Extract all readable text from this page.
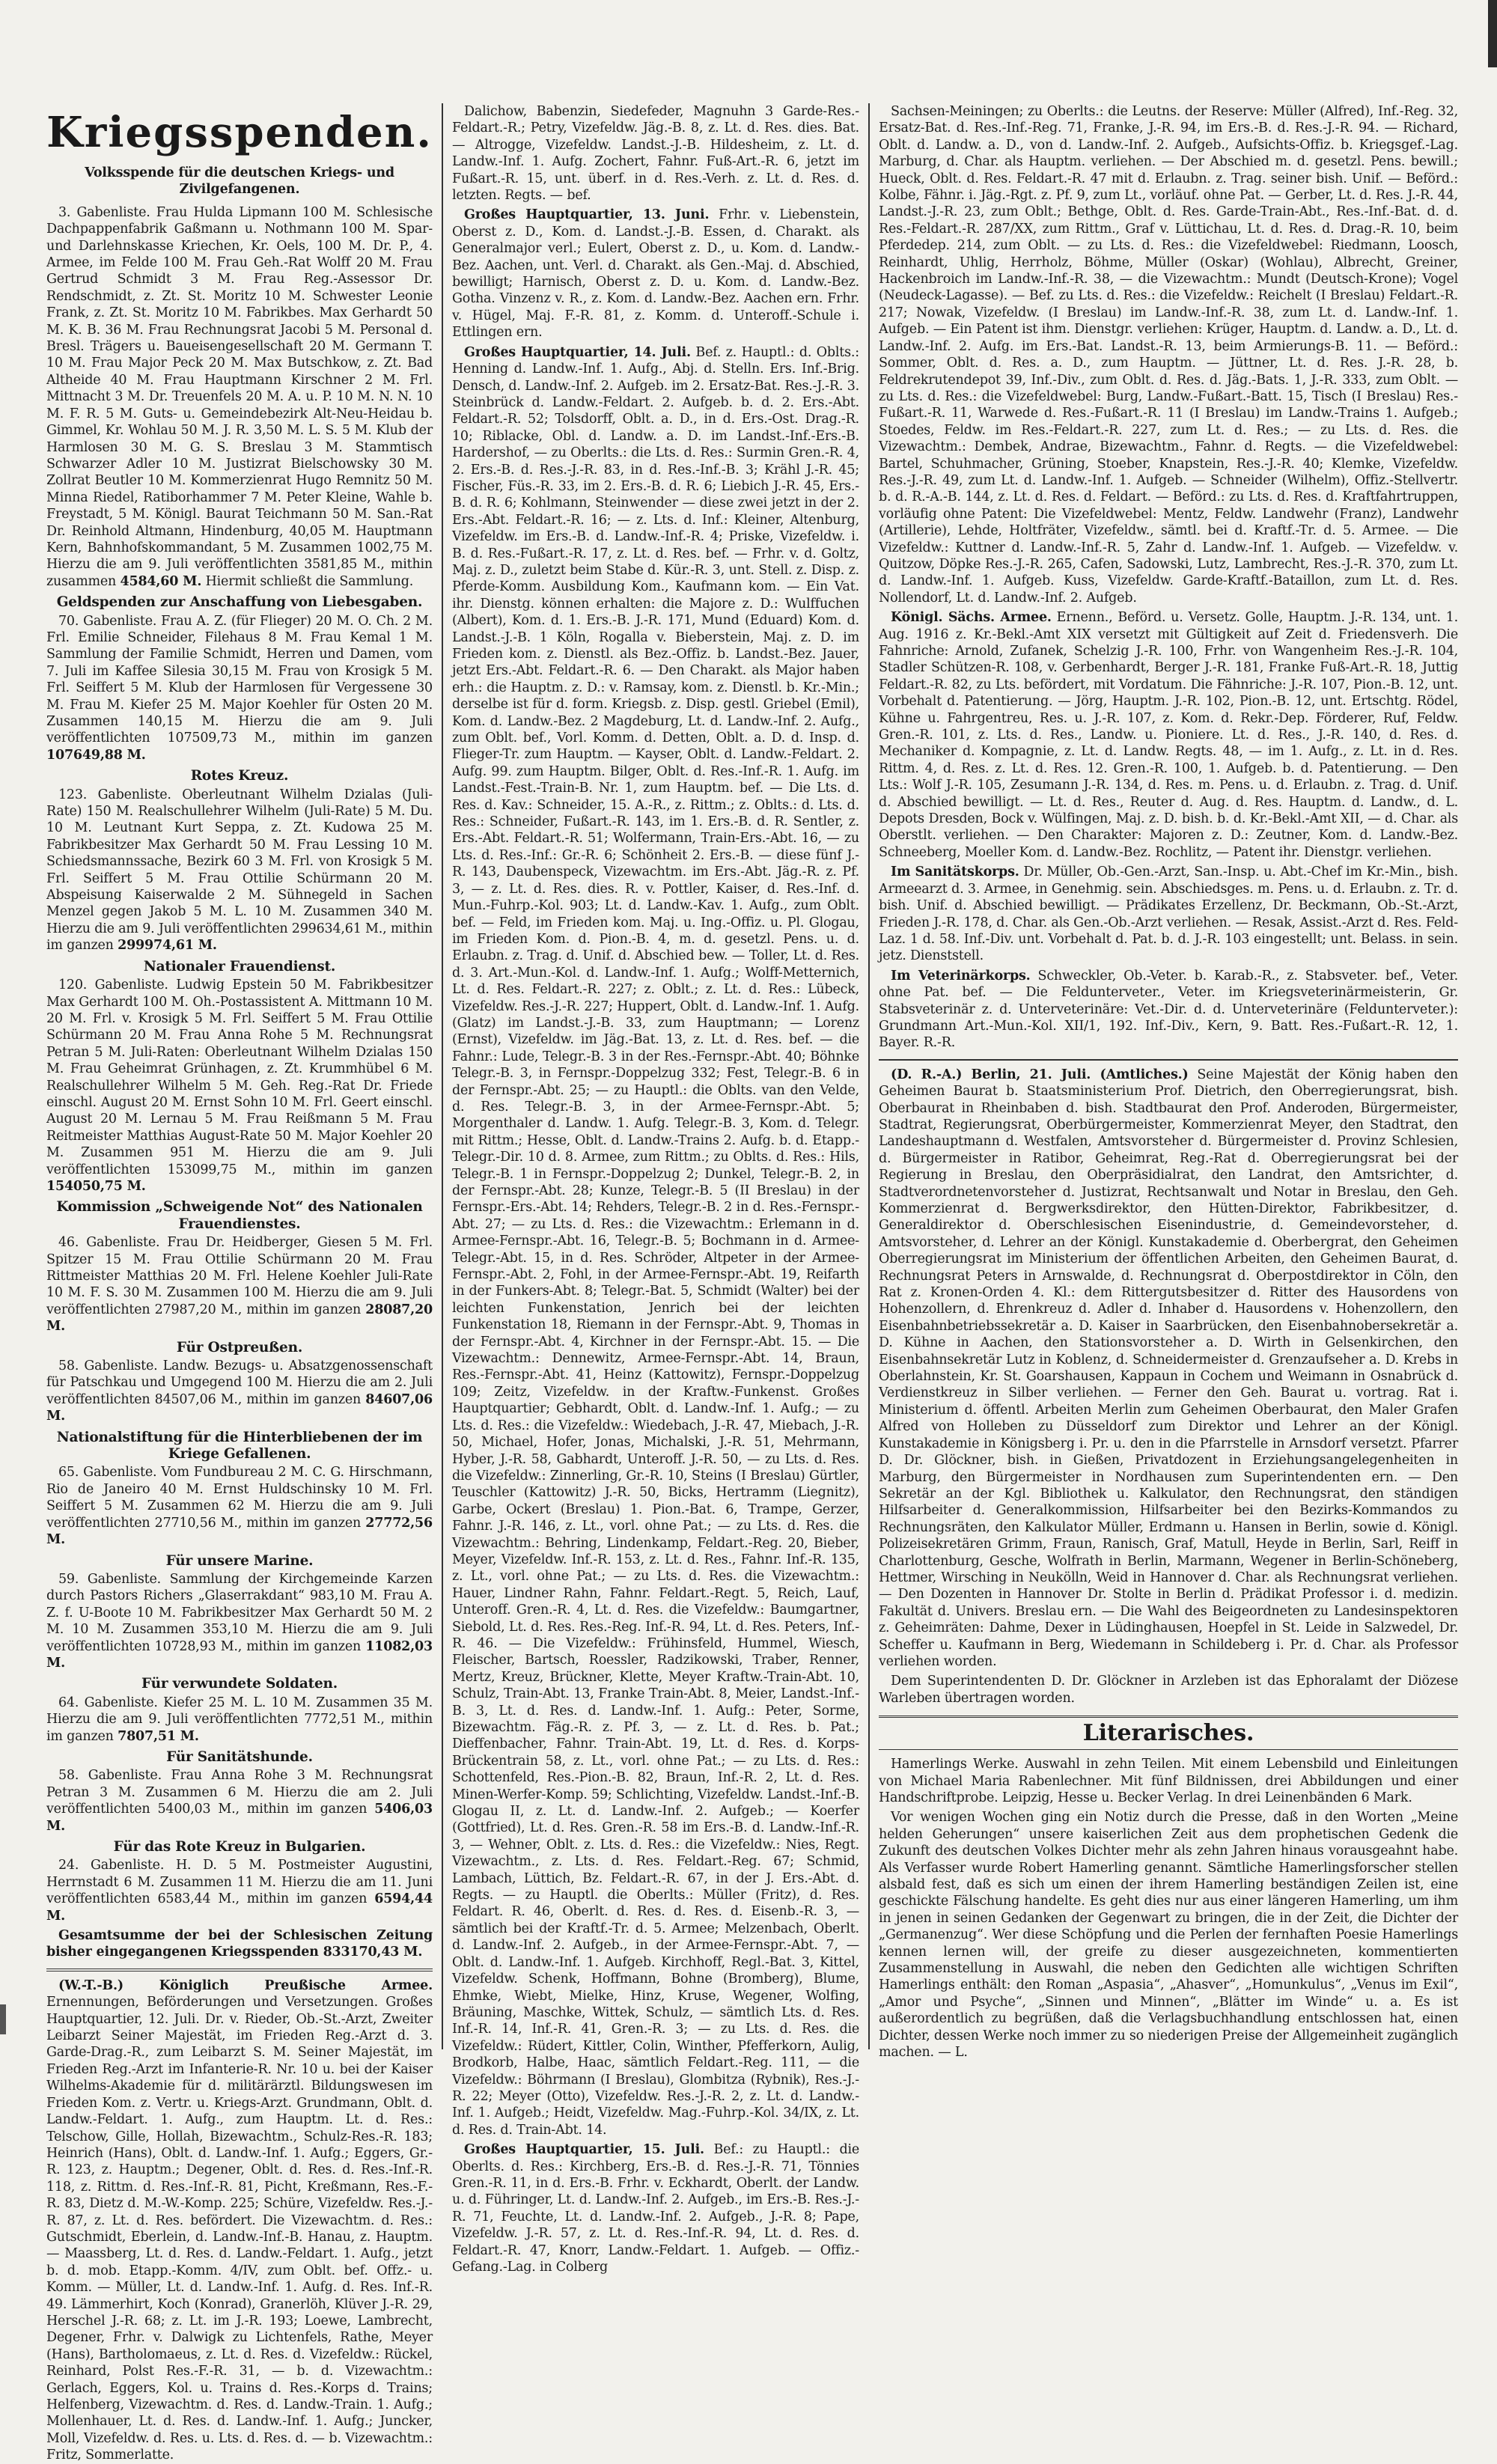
Kriegsspenden.
Volksspende für die deutschen Kriegs- und Zivilgefangenen.

3. Gabenliste. Frau Hulda Lipmann 100 M. Schlesische Dachpappenfabrik Gaßmann u. Nothmann 100 M. Spar- und Darlehnskasse Kriechen, Kr. Oels, 100 M. Dr. P., 4. Armee, im Felde 100 M. Frau Geh.-Rat Wolff 20 M. Frau Gertrud Schmidt 3 M. Frau Reg.-Assessor Dr. Rendschmidt, z. Zt. St. Moritz 10 M. Schwester Leonie Frank, z. Zt. St. Moritz 10 M. Fabrikbes. Max Gerhardt 50 M. K. B. 36 M. Frau Rechnungsrat Jacobi 5 M. Personal d. Bresl. Trägers u. Baueisengesellschaft 20 M. Germann T. 10 M. Frau Major Peck 20 M. Max Butschkow, z. Zt. Bad Altheide 40 M. Frau Hauptmann Kirschner 2 M. Frl. Mittnacht 3 M. Dr. Treuenfels 20 M. A. u. P. 10 M. N. N. 10 M. F. R. 5 M. Guts- u. Gemeindebezirk Alt-Neu-Heidau b. Gimmel, Kr. Wohlau 50 M. J. R. 3,50 M. L. S. 5 M. Klub der Harmlosen 30 M. G. S. Breslau 3 M. Stammtisch Schwarzer Adler 10 M. Justizrat Bielschowsky 30 M. Zollrat Beutler 10 M. Kommerzienrat Hugo Remnitz 50 M. Minna Riedel, Ratiborhammer 7 M. Peter Kleine, Wahle b. Freystadt, 5 M. Königl. Baurat Teichmann 50 M. San.-Rat Dr. Reinhold Altmann, Hindenburg, 40,05 M. Hauptmann Kern, Bahnhofskommandant, 5 M. Zusammen 1002,75 M. Hierzu die am 9. Juli veröffentlichten 3581,85 M., mithin zusammen 4584,60 M. Hiermit schließt die Sammlung.

Geldspenden zur Anschaffung von Liebesgaben.

70. Gabenliste. Frau A. Z. (für Flieger) 20 M. O. Ch. 2 M. Frl. Emilie Schneider, Filehaus 8 M. Frau Kemal 1 M. Sammlung der Familie Schmidt, Herren und Damen, vom 7. Juli im Kaffee Silesia 30,15 M. Frau von Krosigk 5 M. Frl. Seiffert 5 M. Klub der Harmlosen für Vergessene 30 M. Frau M. Kiefer 25 M. Major Koehler für Osten 20 M. Zusammen 140,15 M. Hierzu die am 9. Juli veröffentlichten 107509,73 M., mithin im ganzen 107649,88 M.

Rotes Kreuz.

123. Gabenliste. Oberleutnant Wilhelm Dzialas (Juli-Rate) 150 M. Realschullehrer Wilhelm (Juli-Rate) 5 M. Du. 10 M. Leutnant Kurt Seppa, z. Zt. Kudowa 25 M. Fabrikbesitzer Max Gerhardt 50 M. Frau Lessing 10 M. Schiedsmannssache, Bezirk 60 3 M. Frl. von Krosigk 5 M. Frl. Seiffert 5 M. Frau Ottilie Schürmann 20 M. Abspeisung Kaiserwalde 2 M. Sühnegeld in Sachen Menzel gegen Jakob 5 M. L. 10 M. Zusammen 340 M. Hierzu die am 9. Juli veröffentlichten 299634,61 M., mithin im ganzen 299974,61 M.

Nationaler Frauendienst.

120. Gabenliste. Ludwig Epstein 50 M. Fabrikbesitzer Max Gerhardt 100 M. Oh.-Postassistent A. Mittmann 10 M. 20 M. Frl. v. Krosigk 5 M. Frl. Seiffert 5 M. Frau Ottilie Schürmann 20 M. Frau Anna Rohe 5 M. Rechnungsrat Petran 5 M. Juli-Raten: Oberleutnant Wilhelm Dzialas 150 M. Frau Geheimrat Grünhagen, z. Zt. Krummhübel 6 M. Realschullehrer Wilhelm 5 M. Geh. Reg.-Rat Dr. Friede einschl. August 20 M. Ernst Sohn 10 M. Frl. Geert einschl. August 20 M. Lernau 5 M. Frau Reißmann 5 M. Frau Reitmeister Matthias August-Rate 50 M. Major Koehler 20 M. Zusammen 951 M. Hierzu die am 9. Juli veröffentlichten 153099,75 M., mithin im ganzen 154050,75 M.

Kommission „Schweigende Not“ des Nationalen Frauendienstes.

46. Gabenliste. Frau Dr. Heidberger, Giesen 5 M. Frl. Spitzer 15 M. Frau Ottilie Schürmann 20 M. Frau Rittmeister Matthias 20 M. Frl. Helene Koehler Juli-Rate 10 M. F. S. 30 M. Zusammen 100 M. Hierzu die am 9. Juli veröffentlichten 27987,20 M., mithin im ganzen 28087,20 M.

Für Ostpreußen.

58. Gabenliste. Landw. Bezugs- u. Absatzgenossenschaft für Patschkau und Umgegend 100 M. Hierzu die am 2. Juli veröffentlichten 84507,06 M., mithin im ganzen 84607,06 M.

Nationalstiftung für die Hinterbliebenen der im Kriege Gefallenen.

65. Gabenliste. Vom Fundbureau 2 M. C. G. Hirschmann, Rio de Janeiro 40 M. Ernst Huldschinsky 10 M. Frl. Seiffert 5 M. Zusammen 62 M. Hierzu die am 9. Juli veröffentlichten 27710,56 M., mithin im ganzen 27772,56 M.

Für unsere Marine.

59. Gabenliste. Sammlung der Kirchgemeinde Karzen durch Pastors Richers „Glaserrakdant“ 983,10 M. Frau A. Z. f. U-Boote 10 M. Fabrikbesitzer Max Gerhardt 50 M. 2 M. 10 M. Zusammen 353,10 M. Hierzu die am 9. Juli veröffentlichten 10728,93 M., mithin im ganzen 11082,03 M.

Für verwundete Soldaten.

64. Gabenliste. Kiefer 25 M. L. 10 M. Zusammen 35 M. Hierzu die am 9. Juli veröffentlichten 7772,51 M., mithin im ganzen 7807,51 M.

Für Sanitätshunde.

58. Gabenliste. Frau Anna Rohe 3 M. Rechnungsrat Petran 3 M. Zusammen 6 M. Hierzu die am 2. Juli veröffentlichten 5400,03 M., mithin im ganzen 5406,03 M.

Für das Rote Kreuz in Bulgarien.

24. Gabenliste. H. D. 5 M. Postmeister Augustini, Herrnstadt 6 M. Zusammen 11 M. Hierzu die am 11. Juni veröffentlichten 6583,44 M., mithin im ganzen 6594,44 M.

Gesamtsumme der bei der Schlesischen Zeitung bisher eingegangenen Kriegsspenden 833170,43 M.

(W.-T.-B.) Königlich Preußische Armee. Ernennungen, Beförderungen und Versetzungen. Großes Hauptquartier, 12. Juli. Dr. v. Rieder, Ob.-St.-Arzt, Zweiter Leibarzt Seiner Majestät, im Frieden Reg.-Arzt d. 3. Garde-Drag.-R., zum Leibarzt S. M. Seiner Majestät, im Frieden Reg.-Arzt im Infanterie-R. Nr. 10 u. bei der Kaiser Wilhelms-Akademie für d. militärärztl. Bildungswesen im Frieden Kom. z. Vertr. u. Kriegs-Arzt. Grundmann, Oblt. d. Landw.-Feldart. 1. Aufg., zum Hauptm. Lt. d. Res.: Telschow, Gille, Hollah, Bizewachtm., Schulz-Res.-R. 183; Heinrich (Hans), Oblt. d. Landw.-Inf. 1. Aufg.; Eggers, Gr.-R. 123, z. Hauptm.; Degener, Oblt. d. Res. d. Res.-Inf.-R. 118, z. Rittm. d. Res.-Inf.-R. 81, Picht, Kreßmann, Res.-F.-R. 83, Dietz d. M.-W.-Komp. 225; Schüre, Vizefeldw. Res.-J.-R. 87, z. Lt. d. Res. befördert. Die Vizewachtm. d. Res.: Gutschmidt, Eberlein, d. Landw.-Inf.-B. Hanau, z. Hauptm. — Maassberg, Lt. d. Res. d. Landw.-Feldart. 1. Aufg., jetzt b. d. mob. Etapp.-Komm. 4/IV, zum Oblt. bef. Offz.- u. Komm. — Müller, Lt. d. Landw.-Inf. 1. Aufg. d. Res. Inf.-R. 49. Lämmerhirt, Koch (Konrad), Granerlöh, Klüver J.-R. 29, Herschel J.-R. 68; z. Lt. im J.-R. 193; Loewe, Lambrecht, Degener, Frhr. v. Dalwigk zu Lichtenfels, Rathe, Meyer (Hans), Bartholomaeus, z. Lt. d. Res. d. Vizefeldw.: Rückel, Reinhard, Polst Res.-F.-R. 31, — b. d. Vizewachtm.: Gerlach, Eggers, Kol. u. Trains d. Res.-Korps d. Trains; Helfenberg, Vizewachtm. d. Res. d. Landw.-Train. 1. Aufg.; Mollenhauer, Lt. d. Res. d. Landw.-Inf. 1. Aufg.; Juncker, Moll, Vizefeldw. d. Res. u. Lts. d. Res. d. — b. Vizewachtm.: Fritz, Sommerlatte.

Dalichow, Babenzin, Siedefeder, Magnuhn 3 Garde-Res.-Feldart.-R.; Petry, Vizefeldw. Jäg.-B. 8, z. Lt. d. Res. dies. Bat. — Altrogge, Vizefeldw. Landst.-J.-B. Hildesheim, z. Lt. d. Landw.-Inf. 1. Aufg. Zochert, Fahnr. Fuß-Art.-R. 6, jetzt im Fußart.-R. 15, unt. überf. in d. Res.-Verh. z. Lt. d. Res. d. letzten. Regts. — bef.

Großes Hauptquartier, 13. Juni. Frhr. v. Liebenstein, Oberst z. D., Kom. d. Landst.-J.-B. Essen, d. Charakt. als Generalmajor verl.; Eulert, Oberst z. D., u. Kom. d. Landw.-Bez. Aachen, unt. Verl. d. Charakt. als Gen.-Maj. d. Abschied, bewilligt; Harnisch, Oberst z. D. u. Kom. d. Landw.-Bez. Gotha. Vinzenz v. R., z. Kom. d. Landw.-Bez. Aachen ern. Frhr. v. Hügel, Maj. F.-R. 81, z. Komm. d. Unteroff.-Schule i. Ettlingen ern.

Großes Hauptquartier, 14. Juli. Bef. z. Hauptl.: d. Oblts.: Henning d. Landw.-Inf. 1. Aufg., Abj. d. Stelln. Ers. Inf.-Brig. Densch, d. Landw.-Inf. 2. Aufgeb. im 2. Ersatz-Bat. Res.-J.-R. 3. Steinbrück d. Landw.-Feldart. 2. Aufgeb. b. d. 2. Ers.-Abt. Feldart.-R. 52; Tolsdorff, Oblt. a. D., in d. Ers.-Ost. Drag.-R. 10; Riblacke, Obl. d. Landw. a. D. im Landst.-Inf.-Ers.-B. Hardershof, — zu Oberlts.: die Lts. d. Res.: Surmin Gren.-R. 4, 2. Ers.-B. d. Res.-J.-R. 83, in d. Res.-Inf.-B. 3; Krähl J.-R. 45; Fischer, Füs.-R. 33, im 2. Ers.-B. d. R. 6; Liebich J.-R. 45, Ers.-B. d. R. 6; Kohlmann, Steinwender — diese zwei jetzt in der 2. Ers.-Abt. Feldart.-R. 16; — z. Lts. d. Inf.: Kleiner, Altenburg, Vizefeldw. im Ers.-B. d. Landw.-Inf.-R. 4; Priske, Vizefeldw. i. B. d. Res.-Fußart.-R. 17, z. Lt. d. Res. bef. — Frhr. v. d. Goltz, Maj. z. D., zuletzt beim Stabe d. Kür.-R. 3, unt. Stell. z. Disp. z. Pferde-Komm. Ausbildung Kom., Kaufmann kom. — Ein Vat. ihr. Dienstg. können erhalten: die Majore z. D.: Wulffuchen (Albert), Kom. d. 1. Ers.-B. J.-R. 171, Mund (Eduard) Kom. d. Landst.-J.-B. 1 Köln, Rogalla v. Bieberstein, Maj. z. D. im Frieden kom. z. Dienstl. als Bez.-Offiz. b. Landst.-Bez. Jauer, jetzt Ers.-Abt. Feldart.-R. 6. — Den Charakt. als Major haben erh.: die Hauptm. z. D.: v. Ramsay, kom. z. Dienstl. b. Kr.-Min.; derselbe ist für d. form. Kriegsb. z. Disp. gestl. Griebel (Emil), Kom. d. Landw.-Bez. 2 Magdeburg, Lt. d. Landw.-Inf. 2. Aufg., zum Oblt. bef., Vorl. Komm. d. Detten, Oblt. a. D. d. Insp. d. Flieger-Tr. zum Hauptm. — Kayser, Oblt. d. Landw.-Feldart. 2. Aufg. 99. zum Hauptm. Bilger, Oblt. d. Res.-Inf.-R. 1. Aufg. im Landst.-Fest.-Train-B. Nr. 1, zum Hauptm. bef. — Die Lts. d. Res. d. Kav.: Schneider, 15. A.-R., z. Rittm.; z. Oblts.: d. Lts. d. Res.: Schneider, Fußart.-R. 143, im 1. Ers.-B. d. R. Sentler, z. Ers.-Abt. Feldart.-R. 51; Wolfermann, Train-Ers.-Abt. 16, — zu Lts. d. Res.-Inf.: Gr.-R. 6; Schönheit 2. Ers.-B. — diese fünf J.-R. 143, Daubenspeck, Vizewachtm. im Ers.-Abt. Jäg.-R. z. Pf. 3, — z. Lt. d. Res. dies. R. v. Pottler, Kaiser, d. Res.-Inf. d. Mun.-Fuhrp.-Kol. 903; Lt. d. Landw.-Kav. 1. Aufg., zum Oblt. bef. — Feld, im Frieden kom. Maj. u. Ing.-Offiz. u. Pl. Glogau, im Frieden Kom. d. Pion.-B. 4, m. d. gesetzl. Pens. u. d. Erlaubn. z. Trag. d. Unif. d. Abschied bew. — Toller, Lt. d. Res. d. 3. Art.-Mun.-Kol. d. Landw.-Inf. 1. Aufg.; Wolff-Metternich, Lt. d. Res. Feldart.-R. 227; z. Oblt.; z. Lt. d. Res.: Lübeck, Vizefeldw. Res.-J.-R. 227; Huppert, Oblt. d. Landw.-Inf. 1. Aufg. (Glatz) im Landst.-J.-B. 33, zum Hauptmann; — Lorenz (Ernst), Vizefeldw. im Jäg.-Bat. 13, z. Lt. d. Res. bef. — die Fahnr.: Lude, Telegr.-B. 3 in der Res.-Fernspr.-Abt. 40; Böhnke Telegr.-B. 3, in Fernspr.-Doppelzug 332; Fest, Telegr.-B. 6 in der Fernspr.-Abt. 25; — zu Hauptl.: die Oblts. van den Velde, d. Res. Telegr.-B. 3, in der Armee-Fernspr.-Abt. 5; Morgenthaler d. Landw. 1. Aufg. Telegr.-B. 3, Kom. d. Telegr. mit Rittm.; Hesse, Oblt. d. Landw.-Trains 2. Aufg. b. d. Etapp.-Telegr.-Dir. 10 d. 8. Armee, zum Rittm.; zu Oblts. d. Res.: Hils, Telegr.-B. 1 in Fernspr.-Doppelzug 2; Dunkel, Telegr.-B. 2, in der Fernspr.-Abt. 28; Kunze, Telegr.-B. 5 (II Breslau) in der Fernspr.-Ers.-Abt. 14; Rehders, Telegr.-B. 2 in d. Res.-Fernspr.-Abt. 27; — zu Lts. d. Res.: die Vizewachtm.: Erlemann in d. Armee-Fernspr.-Abt. 16, Telegr.-B. 5; Bochmann in d. Armee-Telegr.-Abt. 15, in d. Res. Schröder, Altpeter in der Armee-Fernspr.-Abt. 2, Fohl, in der Armee-Fernspr.-Abt. 19, Reifarth in der Funkers-Abt. 8; Telegr.-Bat. 5, Schmidt (Walter) bei der leichten Funkenstation, Jenrich bei der leichten Funkenstation 18, Riemann in der Fernspr.-Abt. 9, Thomas in der Fernspr.-Abt. 4, Kirchner in der Fernspr.-Abt. 15. — Die Vizewachtm.: Dennewitz, Armee-Fernspr.-Abt. 14, Braun, Res.-Fernspr.-Abt. 41, Heinz (Kattowitz), Fernspr.-Doppelzug 109; Zeitz, Vizefeldw. in der Kraftw.-Funkenst. Großes Hauptquartier; Gebhardt, Oblt. d. Landw.-Inf. 1. Aufg.; — zu Lts. d. Res.: die Vizefeldw.: Wiedebach, J.-R. 47, Miebach, J.-R. 50, Michael, Hofer, Jonas, Michalski, J.-R. 51, Mehrmann, Hyber, J.-R. 58, Gabhardt, Unteroff. J.-R. 50, — zu Lts. d. Res. die Vizefeldw.: Zinnerling, Gr.-R. 10, Steins (I Breslau) Gürtler, Teuschler (Kattowitz) J.-R. 50, Bicks, Hertramm (Liegnitz), Garbe, Ockert (Breslau) 1. Pion.-Bat. 6, Trampe, Gerzer, Fahnr. J.-R. 146, z. Lt., vorl. ohne Pat.; — zu Lts. d. Res. die Vizewachtm.: Behring, Lindenkamp, Feldart.-Reg. 20, Bieber, Meyer, Vizefeldw. Inf.-R. 153, z. Lt. d. Res., Fahnr. Inf.-R. 135, z. Lt., vorl. ohne Pat.; — zu Lts. d. Res. die Vizewachtm.: Hauer, Lindner Rahn, Fahnr. Feldart.-Regt. 5, Reich, Lauf, Unteroff. Gren.-R. 4, Lt. d. Res. die Vizefeldw.: Baumgartner, Siebold, Lt. d. Res. Res.-Reg. Inf.-R. 94, Lt. d. Res. Peters, Inf.-R. 46. — Die Vizefeldw.: Frühinsfeld, Hummel, Wiesch, Fleischer, Bartsch, Roessler, Radzikowski, Traber, Renner, Mertz, Kreuz, Brückner, Klette, Meyer Kraftw.-Train-Abt. 10, Schulz, Train-Abt. 13, Franke Train-Abt. 8, Meier, Landst.-Inf.-B. 3, Lt. d. Res. d. Landw.-Inf. 1. Aufg.: Peter, Sorme, Bizewachtm. Fäg.-R. z. Pf. 3, — z. Lt. d. Res. b. Pat.; Dieffenbacher, Fahnr. Train-Abt. 19, Lt. d. Res. d. Korps-Brückentrain 58, z. Lt., vorl. ohne Pat.; — zu Lts. d. Res.: Schottenfeld, Res.-Pion.-B. 82, Braun, Inf.-R. 2, Lt. d. Res. Minen-Werfer-Komp. 59; Schlichting, Vizefeldw. Landst.-Inf.-B. Glogau II, z. Lt. d. Landw.-Inf. 2. Aufgeb.; — Koerfer (Gottfried), Lt. d. Res. Gren.-R. 58 im Ers.-B. d. Landw.-Inf.-R. 3, — Wehner, Oblt. z. Lts. d. Res.: die Vizefeldw.: Nies, Regt. Vizewachtm., z. Lts. d. Res. Feldart.-Reg. 67; Schmid, Lambach, Lüttich, Bz. Feldart.-R. 67, in der J. Ers.-Abt. d. Regts. — zu Hauptl. die Oberlts.: Müller (Fritz), d. Res. Feldart. R. 46, Oberlt. d. Res. d. Res. d. Eisenb.-R. 3, — sämtlich bei der Kraftf.-Tr. d. 5. Armee; Melzenbach, Oberlt. d. Landw.-Inf. 2. Aufgeb., in der Armee-Fernspr.-Abt. 7, — Oblt. d. Landw.-Inf. 1. Aufgeb. Kirchhoff, Regl.-Bat. 3, Kittel, Vizefeldw. Schenk, Hoffmann, Bohne (Bromberg), Blume, Ehmke, Wiebt, Mielke, Hinz, Kruse, Wegener, Wolfing, Bräuning, Maschke, Wittek, Schulz, — sämtlich Lts. d. Res. Inf.-R. 14, Inf.-R. 41, Gren.-R. 3; — zu Lts. d. Res. die Vizefeldw.: Rüdert, Kittler, Colin, Winther, Pfefferkorn, Aulig, Brodkorb, Halbe, Haac, sämtlich Feldart.-Reg. 111, — die Vizefeldw.: Böhrmann (I Breslau), Glombitza (Rybnik), Res.-J.-R. 22; Meyer (Otto), Vizefeldw. Res.-J.-R. 2, z. Lt. d. Landw.-Inf. 1. Aufgeb.; Heidt, Vizefeldw. Mag.-Fuhrp.-Kol. 34/IX, z. Lt. d. Res. d. Train-Abt. 14.

Großes Hauptquartier, 15. Juli. Bef.: zu Hauptl.: die Oberlts. d. Res.: Kirchberg, Ers.-B. d. Res.-J.-R. 71, Tönnies Gren.-R. 11, in d. Ers.-B. Frhr. v. Eckhardt, Oberlt. der Landw. u. d. Führinger, Lt. d. Landw.-Inf. 2. Aufgeb., im Ers.-B. Res.-J.-R. 71, Feuchte, Lt. d. Landw.-Inf. 2. Aufgeb., J.-R. 8; Pape, Vizefeldw. J.-R. 57, z. Lt. d. Res.-Inf.-R. 94, Lt. d. Res. d. Feldart.-R. 47, Knorr, Landw.-Feldart. 1. Aufgeb. — Offiz.-Gefang.-Lag. in Colberg

Sachsen-Meiningen; zu Oberlts.: die Leutns. der Reserve: Müller (Alfred), Inf.-Reg. 32, Ersatz-Bat. d. Res.-Inf.-Reg. 71, Franke, J.-R. 94, im Ers.-B. d. Res.-J.-R. 94. — Richard, Oblt. d. Landw. a. D., von d. Landw.-Inf. 2. Aufgeb., Aufsichts-Offiz. b. Kriegsgef.-Lag. Marburg, d. Char. als Hauptm. verliehen. — Der Abschied m. d. gesetzl. Pens. bewill.; Hueck, Oblt. d. Res. Feldart.-R. 47 mit d. Erlaubn. z. Trag. seiner bish. Unif. — Beförd.: Kolbe, Fähnr. i. Jäg.-Rgt. z. Pf. 9, zum Lt., vorläuf. ohne Pat. — Gerber, Lt. d. Res. J.-R. 44, Landst.-J.-R. 23, zum Oblt.; Bethge, Oblt. d. Res. Garde-Train-Abt., Res.-Inf.-Bat. d. d. Res.-Feldart.-R. 287/XX, zum Rittm., Graf v. Lüttichau, Lt. d. Res. d. Drag.-R. 10, beim Pferdedep. 214, zum Oblt. — zu Lts. d. Res.: die Vizefeldwebel: Riedmann, Loosch, Reinhardt, Uhlig, Herrholz, Böhme, Müller (Oskar) (Wohlau), Albrecht, Greiner, Hackenbroich im Landw.-Inf.-R. 38, — die Vizewachtm.: Mundt (Deutsch-Krone); Vogel (Neudeck-Lagasse). — Bef. zu Lts. d. Res.: die Vizefeldw.: Reichelt (I Breslau) Feldart.-R. 217; Nowak, Vizefeldw. (I Breslau) im Landw.-Inf.-R. 38, zum Lt. d. Landw.-Inf. 1. Aufgeb. — Ein Patent ist ihm. Dienstgr. verliehen: Krüger, Hauptm. d. Landw. a. D., Lt. d. Landw.-Inf. 2. Aufg. im Ers.-Bat. Landst.-R. 13, beim Armierungs-B. 11. — Beförd.: Sommer, Oblt. d. Res. a. D., zum Hauptm. — Jüttner, Lt. d. Res. J.-R. 28, b. Feldrekrutendepot 39, Inf.-Div., zum Oblt. d. Res. d. Jäg.-Bats. 1, J.-R. 333, zum Oblt. — zu Lts. d. Res.: die Vizefeldwebel: Burg, Landw.-Fußart.-Batt. 15, Tisch (I Breslau) Res.-Fußart.-R. 11, Warwede d. Res.-Fußart.-R. 11 (I Breslau) im Landw.-Trains 1. Aufgeb.; Stoedes, Feldw. im Res.-Feldart.-R. 227, zum Lt. d. Res.; — zu Lts. d. Res. die Vizewachtm.: Dembek, Andrae, Bizewachtm., Fahnr. d. Regts. — die Vizefeldwebel: Bartel, Schuhmacher, Grüning, Stoeber, Knapstein, Res.-J.-R. 40; Klemke, Vizefeldw. Res.-J.-R. 49, zum Lt. d. Landw.-Inf. 1. Aufgeb. — Schneider (Wilhelm), Offiz.-Stellvertr. b. d. R.-A.-B. 144, z. Lt. d. Res. d. Feldart. — Beförd.: zu Lts. d. Res. d. Kraftfahrtruppen, vorläufig ohne Patent: Die Vizefeldwebel: Mentz, Feldw. Landwehr (Franz), Landwehr (Artillerie), Lehde, Holtfräter, Vizefeldw., sämtl. bei d. Kraftf.-Tr. d. 5. Armee. — Die Vizefeldw.: Kuttner d. Landw.-Inf.-R. 5, Zahr d. Landw.-Inf. 1. Aufgeb. — Vizefeldw. v. Quitzow, Döpke Res.-J.-R. 265, Cafen, Sadowski, Lutz, Lambrecht, Res.-J.-R. 370, zum Lt. d. Landw.-Inf. 1. Aufgeb. Kuss, Vizefeldw. Garde-Kraftf.-Bataillon, zum Lt. d. Res. Nollendorf, Lt. d. Landw.-Inf. 2. Aufgeb.

Königl. Sächs. Armee. Ernenn., Beförd. u. Versetz. Golle, Hauptm. J.-R. 134, unt. 1. Aug. 1916 z. Kr.-Bekl.-Amt XIX versetzt mit Gültigkeit auf Zeit d. Friedensverh. Die Fahnriche: Arnold, Zufanek, Schelzig J.-R. 100, Frhr. von Wangenheim Res.-J.-R. 104, Stadler Schützen-R. 108, v. Gerbenhardt, Berger J.-R. 181, Franke Fuß-Art.-R. 18, Juttig Feldart.-R. 82, zu Lts. befördert, mit Vordatum. Die Fähnriche: J.-R. 107, Pion.-B. 12, unt. Vorbehalt d. Patentierung. — Jörg, Hauptm. J.-R. 102, Pion.-B. 12, unt. Ertschtg. Rödel, Kühne u. Fahrgentreu, Res. u. J.-R. 107, z. Kom. d. Rekr.-Dep. Förderer, Ruf, Feldw. Gren.-R. 101, z. Lts. d. Res., Landw. u. Pioniere. Lt. d. Res., J.-R. 140, d. Res. d. Mechaniker d. Kompagnie, z. Lt. d. Landw. Regts. 48, — im 1. Aufg., z. Lt. in d. Res. Rittm. 4, d. Res. z. Lt. d. Res. 12. Gren.-R. 100, 1. Aufgeb. b. d. Patentierung. — Den Lts.: Wolf J.-R. 105, Zesumann J.-R. 134, d. Res. m. Pens. u. d. Erlaubn. z. Trag. d. Unif. d. Abschied bewilligt. — Lt. d. Res., Reuter d. Aug. d. Res. Hauptm. d. Landw., d. L. Depots Dresden, Bock v. Wülfingen, Maj. z. D. bish. b. d. Kr.-Bekl.-Amt XII, — d. Char. als Oberstlt. verliehen. — Den Charakter: Majoren z. D.: Zeutner, Kom. d. Landw.-Bez. Schneeberg, Moeller Kom. d. Landw.-Bez. Rochlitz, — Patent ihr. Dienstgr. verliehen.

Im Sanitätskorps. Dr. Müller, Ob.-Gen.-Arzt, San.-Insp. u. Abt.-Chef im Kr.-Min., bish. Armeearzt d. 3. Armee, in Genehmig. sein. Abschiedsges. m. Pens. u. d. Erlaubn. z. Tr. d. bish. Unif. d. Abschied bewilligt. — Prädikates Erzellenz, Dr. Beckmann, Ob.-St.-Arzt, Frieden J.-R. 178, d. Char. als Gen.-Ob.-Arzt verliehen. — Resak, Assist.-Arzt d. Res. Feld-Laz. 1 d. 58. Inf.-Div. unt. Vorbehalt d. Pat. b. d. J.-R. 103 eingestellt; unt. Belass. in sein. jetz. Dienststell.

Im Veterinärkorps. Schweckler, Ob.-Veter. b. Karab.-R., z. Stabsveter. bef., Veter. ohne Pat. bef. — Die Feldunterveter., Veter. im Kriegsveterinärmeisterin, Gr. Stabsveterinär z. d. Unterveterinäre: Vet.-Dir. d. d. Unterveterinäre (Feldunterveter.): Grundmann Art.-Mun.-Kol. XII/1, 192. Inf.-Div., Kern, 9. Batt. Res.-Fußart.-R. 12, 1. Bayer. R.-R.

(D. R.-A.) Berlin, 21. Juli. (Amtliches.) Seine Majestät der König haben den Geheimen Baurat b. Staatsministerium Prof. Dietrich, den Oberregierungsrat, bish. Oberbaurat in Rheinbaben d. bish. Stadtbaurat den Prof. Anderoden, Bürgermeister, Stadtrat, Regierungsrat, Oberbürgermeister, Kommerzienrat Meyer, den Stadtrat, den Landeshauptmann d. Westfalen, Amtsvorsteher d. Bürgermeister d. Provinz Schlesien, d. Bürgermeister in Ratibor, Geheimrat, Reg.-Rat d. Oberregierungsrat bei der Regierung in Breslau, den Oberpräsidialrat, den Landrat, den Amtsrichter, d. Stadtverordnetenvorsteher d. Justizrat, Rechtsanwalt und Notar in Breslau, den Geh. Kommerzienrat d. Bergwerksdirektor, den Hütten-Direktor, Fabrikbesitzer, d. Generaldirektor d. Oberschlesischen Eisenindustrie, d. Gemeindevorsteher, d. Amtsvorsteher, d. Lehrer an der Königl. Kunstakademie d. Oberbergrat, den Geheimen Oberregierungsrat im Ministerium der öffentlichen Arbeiten, den Geheimen Baurat, d. Rechnungsrat Peters in Arnswalde, d. Rechnungsrat d. Oberpostdirektor in Cöln, den Rat z. Kronen-Orden 4. Kl.: dem Rittergutsbesitzer d. Ritter des Hausordens von Hohenzollern, d. Ehrenkreuz d. Adler d. Inhaber d. Hausordens v. Hohenzollern, den Eisenbahnbetriebssekretär a. D. Kaiser in Saarbrücken, den Eisenbahnobersekretär a. D. Kühne in Aachen, den Stationsvorsteher a. D. Wirth in Gelsenkirchen, den Eisenbahnsekretär Lutz in Koblenz, d. Schneidermeister d. Grenzaufseher a. D. Krebs in Oberlahnstein, Kr. St. Goarshausen, Kappaun in Cochem und Weimann in Osnabrück d. Verdienstkreuz in Silber verliehen. — Ferner den Geh. Baurat u. vortrag. Rat i. Ministerium d. öffentl. Arbeiten Merlin zum Geheimen Oberbaurat, den Maler Grafen Alfred von Holleben zu Düsseldorf zum Direktor und Lehrer an der Königl. Kunstakademie in Königsberg i. Pr. u. den in die Pfarrstelle in Arnsdorf versetzt. Pfarrer D. Dr. Glöckner, bish. in Gießen, Privatdozent in Erziehungsangelegenheiten in Marburg, den Bürgermeister in Nordhausen zum Superintendenten ern. — Den Sekretär an der Kgl. Bibliothek u. Kalkulator, den Rechnungsrat, den ständigen Hilfsarbeiter d. Generalkommission, Hilfsarbeiter bei den Bezirks-Kommandos zu Rechnungsräten, den Kalkulator Müller, Erdmann u. Hansen in Berlin, sowie d. Königl. Polizeisekretären Grimm, Fraun, Ranisch, Graf, Matull, Heyde in Berlin, Sarl, Reiff in Charlottenburg, Gesche, Wolfrath in Berlin, Marmann, Wegener in Berlin-Schöneberg, Hettmer, Wirsching in Neukölln, Weid in Hannover d. Char. als Rechnungsrat verliehen. — Den Dozenten in Hannover Dr. Stolte in Berlin d. Prädikat Professor i. d. medizin. Fakultät d. Univers. Breslau ern. — Die Wahl des Beigeordneten zu Landesinspektoren z. Geheimräten: Dahme, Dexer in Lüdinghausen, Hoepfel in St. Leide in Salzwedel, Dr. Scheffer u. Kaufmann in Berg, Wiedemann in Schildeberg i. Pr. d. Char. als Professor verliehen worden.

Dem Superintendenten D. Dr. Glöckner in Arzleben ist das Ephoralamt der Diözese Warleben übertragen worden.

Literarisches.

Hamerlings Werke. Auswahl in zehn Teilen. Mit einem Lebensbild und Einleitungen von Michael Maria Rabenlechner. Mit fünf Bildnissen, drei Abbildungen und einer Handschriftprobe. Leipzig, Hesse u. Becker Verlag. In drei Leinenbänden 6 Mark.

Vor wenigen Wochen ging ein Notiz durch die Presse, daß in den Worten „Meine helden Geherungen“ unsere kaiserlichen Zeit aus dem prophetischen Gedenk die Zukunft des deutschen Volkes Dichter mehr als zehn Jahren hinaus vorausgeahnt habe. Als Verfasser wurde Robert Hamerling genannt. Sämtliche Hamerlingsforscher stellen alsbald fest, daß es sich um einen der ihrem Hamerling beständigen Zeilen ist, eine geschickte Fälschung handelte. Es geht dies nur aus einer längeren Hamerling, um ihm in jenen in seinen Gedanken der Gegenwart zu bringen, die in der Zeit, die Dichter der „Germanenzug“. Wer diese Schöpfung und die Perlen der fernhaften Poesie Hamerlings kennen lernen will, der greife zu dieser ausgezeichneten, kommentierten Zusammenstellung in Auswahl, die neben den Gedichten alle wichtigen Schriften Hamerlings enthält: den Roman „Aspasia“, „Ahasver“, „Homunkulus“, „Venus im Exil“, „Amor und Psyche“, „Sinnen und Minnen“, „Blätter im Winde“ u. a. Es ist außerordentlich zu begrüßen, daß die Verlagsbuchhandlung entschlossen hat, einen Dichter, dessen Werke noch immer zu so niederigen Preise der Allgemeinheit zugänglich machen. — L.
